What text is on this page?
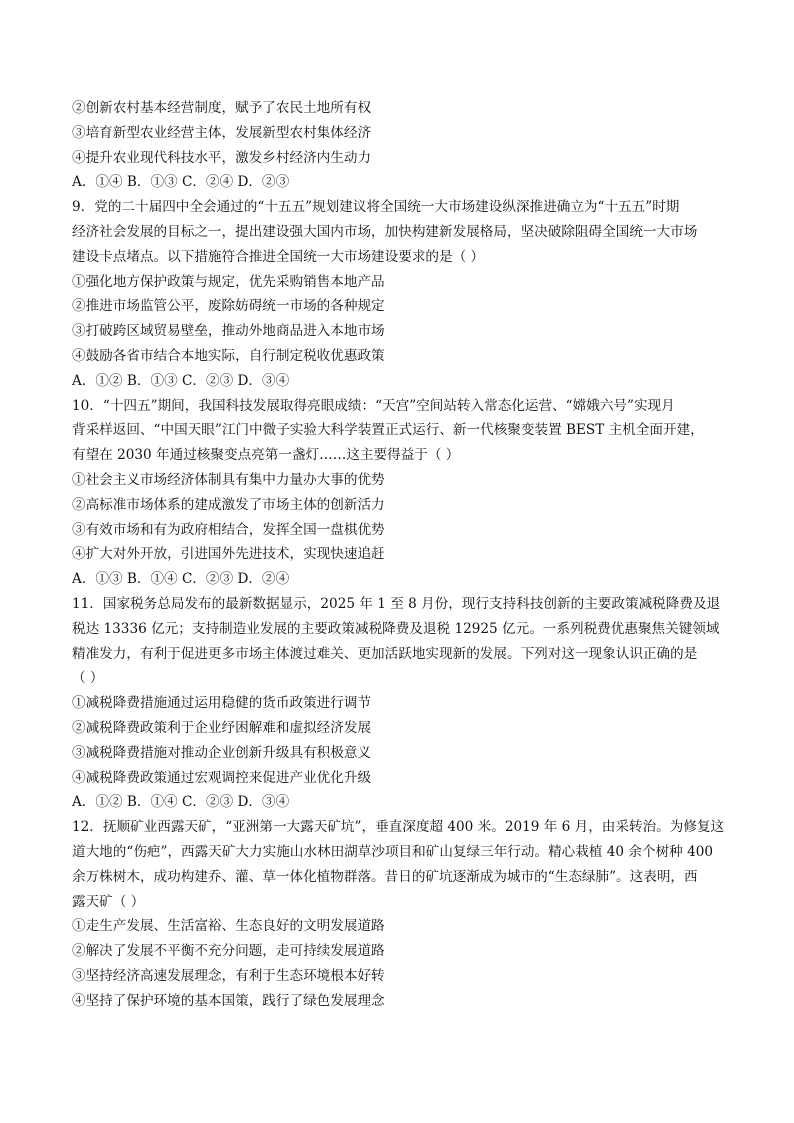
②创新农村基本经营制度，赋予了农民土地所有权
③培育新型农业经营主体，发展新型农村集体经济
④提升农业现代科技水平，激发乡村经济内生动力
A．①④ B．①③ C．②④ D．②③
9．党的二十届四中全会通过的“十五五”规划建议将全国统一大市场建设纵深推进确立为“十五五”时期
经济社会发展的目标之一，提出建设强大国内市场，加快构建新发展格局，坚决破除阻碍全国统一大市场
建设卡点堵点。以下措施符合推进全国统一大市场建设要求的是（ ）
①强化地方保护政策与规定，优先采购销售本地产品
②推进市场监管公平，废除妨碍统一市场的各种规定
③打破跨区域贸易壁垒，推动外地商品进入本地市场
④鼓励各省市结合本地实际，自行制定税收优惠政策
A．①② B．①③ C．②③ D．③④
10．“十四五”期间，我国科技发展取得亮眼成绩：“天宫”空间站转入常态化运营、“嫦娥六号”实现月
背采样返回、“中国天眼”江门中微子实验大科学装置正式运行、新一代核聚变装置 BEST 主机全面开建，
有望在 2030 年通过核聚变点亮第一盏灯……这主要得益于（ ）
①社会主义市场经济体制具有集中力量办大事的优势
②高标准市场体系的建成激发了市场主体的创新活力
③有效市场和有为政府相结合，发挥全国一盘棋优势
④扩大对外开放，引进国外先进技术，实现快速追赶
A．①③ B．①④ C．②③ D．②④
11．国家税务总局发布的最新数据显示，2025 年 1 至 8 月份，现行支持科技创新的主要政策减税降费及退
税达 13336 亿元；支持制造业发展的主要政策减税降费及退税 12925 亿元。一系列税费优惠聚焦关键领域
精准发力，有利于促进更多市场主体渡过难关、更加活跃地实现新的发展。下列对这一现象认识正确的是
（ ）
①减税降费措施通过运用稳健的货币政策进行调节
②减税降费政策利于企业纾困解难和虚拟经济发展
③减税降费措施对推动企业创新升级具有积极意义
④减税降费政策通过宏观调控来促进产业优化升级
A．①② B．①④ C．②③ D．③④
12．抚顺矿业西露天矿，“亚洲第一大露天矿坑”，垂直深度超 400 米。2019 年 6 月，由采转治。为修复这
道大地的“伤疤”，西露天矿大力实施山水林田湖草沙项目和矿山复绿三年行动。精心栽植 40 余个树种 400
余万株树木，成功构建乔、灌、草一体化植物群落。昔日的矿坑逐渐成为城市的“生态绿肺”。这表明，西
露天矿（ ）
①走生产发展、生活富裕、生态良好的文明发展道路
②解决了发展不平衡不充分问题，走可持续发展道路
③坚持经济高速发展理念，有利于生态环境根本好转
④坚持了保护环境的基本国策，践行了绿色发展理念
